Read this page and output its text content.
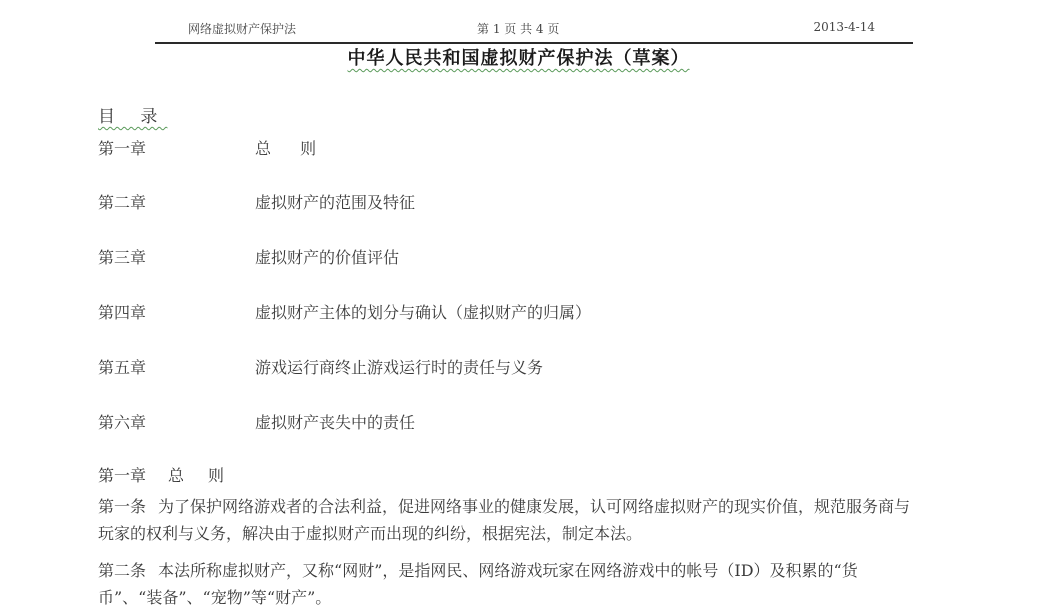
网络虚拟财产保护法	第 1 页 共 4 页	2013-4-14
中华人民共和国虚拟财产保护法（草案）
目 录
第一章	总 则
第二章	虚拟财产的范围及特征
第三章	虚拟财产的价值评估
第四章	虚拟财产主体的划分与确认（虚拟财产的归属）
第五章	游戏运行商终止游戏运行时的责任与义务
第六章	虚拟财产丧失中的责任
第一章 总 则
第一条 为了保护网络游戏者的合法利益，促进网络事业的健康发展，认可网络虚拟财产的现实价值，规范服务商与玩家的权利与义务，解决由于虚拟财产而出现的纠纷，根据宪法，制定本法。
第二条 本法所称虚拟财产，又称“网财”，是指网民、网络游戏玩家在网络游戏中的帐号（ID）及积累的“货币”、“装备”、“宠物”等“财产”。
